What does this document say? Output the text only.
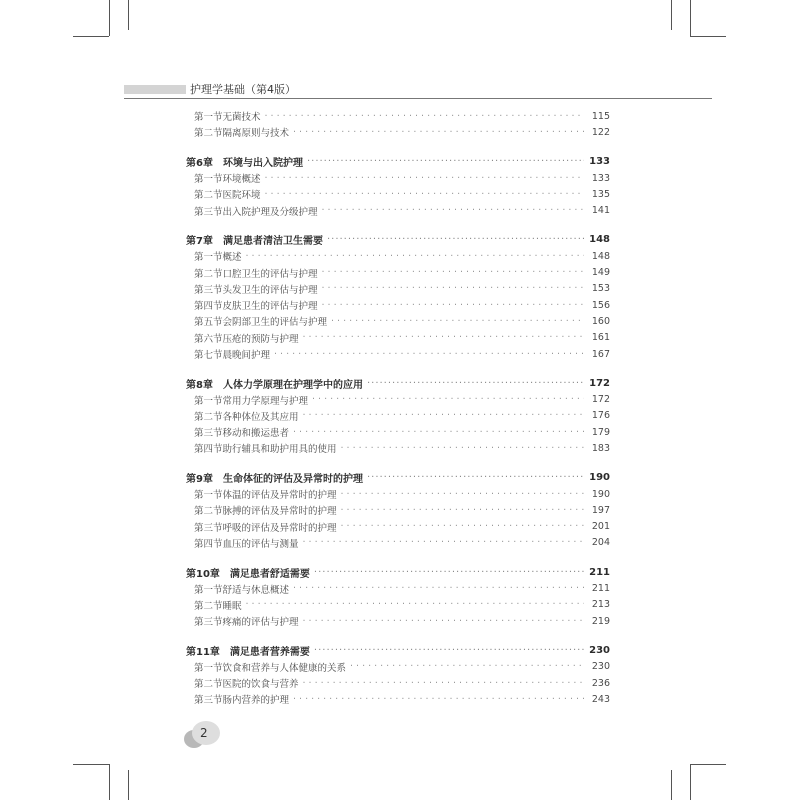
护理学基础（第4版）
第一节 无菌技术 ·····	115
第二节 隔离原则与技术 ·····	122
第6章 环境与出入院护理 ·····	133
第一节 环境概述 ·····	133
第二节 医院环境 ·····	135
第三节 出入院护理及分级护理 ·····	141
第7章 满足患者清洁卫生需要 ·····	148
第一节 概述 ·····	148
第二节 口腔卫生的评估与护理 ·····	149
第三节 头发卫生的评估与护理 ·····	153
第四节 皮肤卫生的评估与护理 ·····	156
第五节 会阴部卫生的评估与护理 ·····	160
第六节 压疮的预防与护理 ·····	161
第七节 晨晚间护理 ·····	167
第8章 人体力学原理在护理学中的应用 ·····	172
第一节 常用力学原理与护理 ·····	172
第二节 各种体位及其应用 ·····	176
第三节 移动和搬运患者 ·····	179
第四节 助行辅具和助护用具的使用 ·····	183
第9章 生命体征的评估及异常时的护理 ·····	190
第一节 体温的评估及异常时的护理 ·····	190
第二节 脉搏的评估及异常时的护理 ·····	197
第三节 呼吸的评估及异常时的护理 ·····	201
第四节 血压的评估与测量 ·····	204
第10章 满足患者舒适需要 ·····	211
第一节 舒适与休息概述 ·····	211
第二节 睡眠 ·····	213
第三节 疼痛的评估与护理 ·····	219
第11章 满足患者营养需要 ·····	230
第一节 饮食和营养与人体健康的关系 ·····	230
第二节 医院的饮食与营养 ·····	236
第三节 肠内营养的护理 ·····	243
2
